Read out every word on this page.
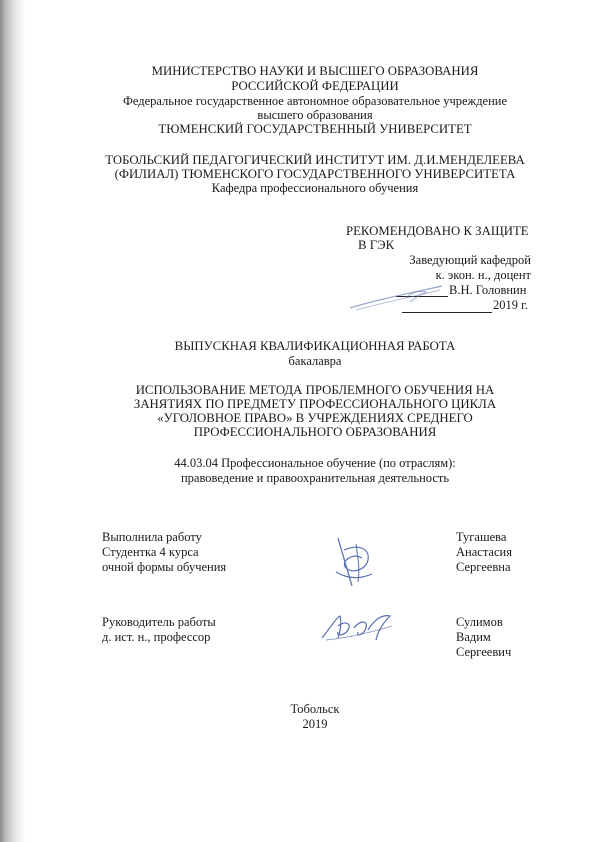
МИНИСТЕРСТВО НАУКИ И ВЫСШЕГО ОБРАЗОВАНИЯ
РОССИЙСКОЙ ФЕДЕРАЦИИ
Федеральное государственное автономное образовательное учреждение
высшего образования
ТЮМЕНСКИЙ ГОСУДАРСТВЕННЫЙ УНИВЕРСИТЕТ
ТОБОЛЬСКИЙ ПЕДАГОГИЧЕСКИЙ ИНСТИТУТ ИМ. Д.И.МЕНДЕЛЕЕВА
(ФИЛИАЛ) ТЮМЕНСКОГО ГОСУДАРСТВЕННОГО УНИВЕРСИТЕТА
Кафедра профессионального обучения
РЕКОМЕНДОВАНО К ЗАЩИТЕ
В ГЭК
Заведующий кафедрой
к. экон. н., доцент
В.Н. Головнин
2019 г.
ВЫПУСКНАЯ КВАЛИФИКАЦИОННАЯ РАБОТА
бакалавра
ИСПОЛЬЗОВАНИЕ МЕТОДА ПРОБЛЕМНОГО ОБУЧЕНИЯ НА
ЗАНЯТИЯХ ПО ПРЕДМЕТУ ПРОФЕССИОНАЛЬНОГО ЦИКЛА
«УГОЛОВНОЕ ПРАВО» В УЧРЕЖДЕНИЯХ СРЕДНЕГО
ПРОФЕССИОНАЛЬНОГО ОБРАЗОВАНИЯ
44.03.04 Профессиональное обучение (по отраслям):
правоведение и правоохранительная деятельность
Выполнила работу
Студентка 4 курса
очной формы обучения
Тугашева
Анастасия
Сергеевна
Руководитель работы
д. ист. н., профессор
Сулимов
Вадим
Сергеевич
Тобольск
2019
